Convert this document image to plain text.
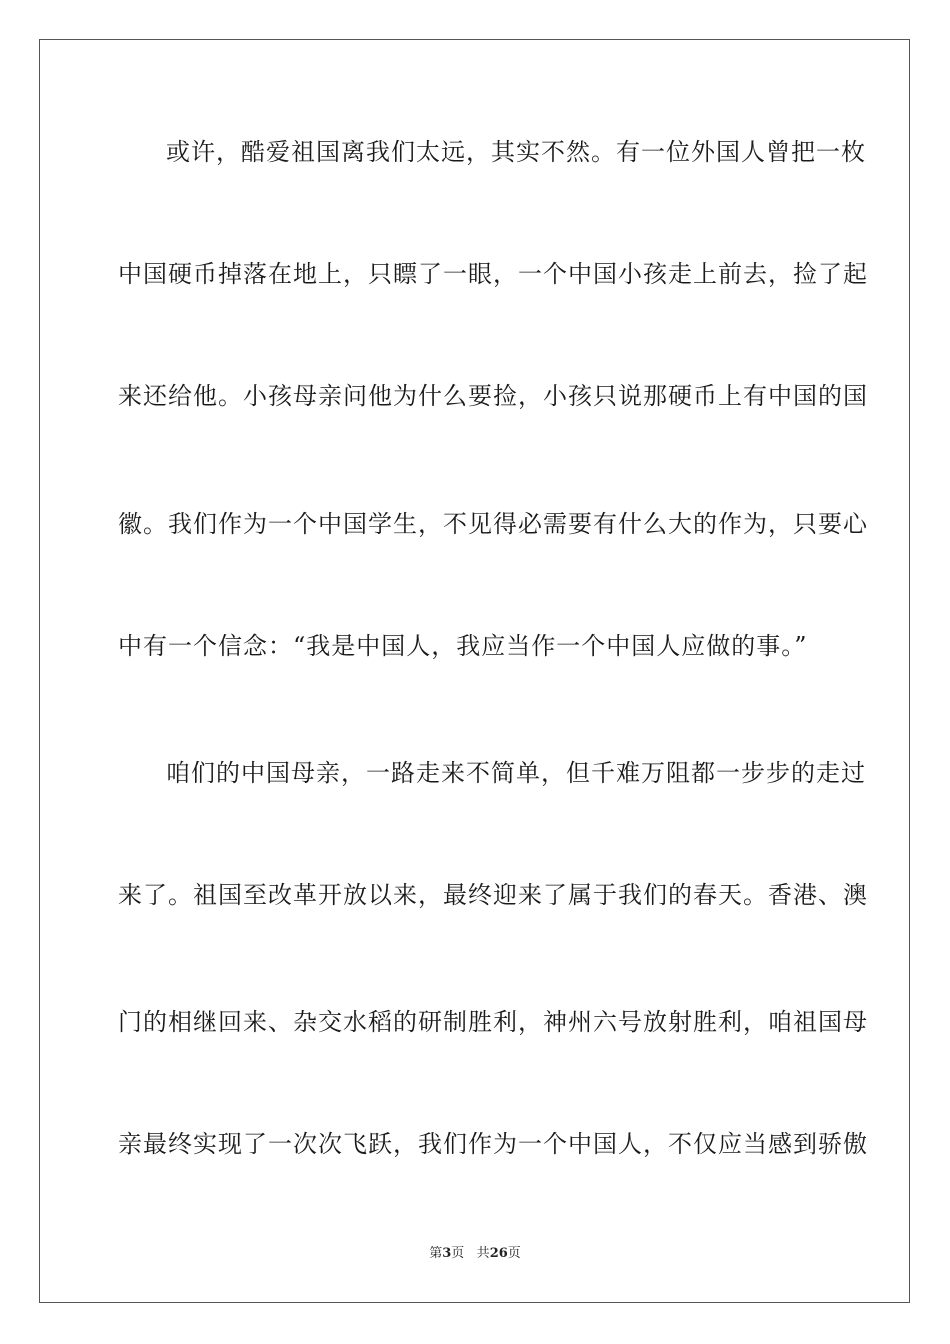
或许，酷爱祖国离我们太远，其实不然。有一位外国人曾把一枚
中国硬币掉落在地上，只瞟了一眼，一个中国小孩走上前去，捡了起
来还给他。小孩母亲问他为什么要捡，小孩只说那硬币上有中国的国
徽。我们作为一个中国学生，不见得必需要有什么大的作为，只要心
中有一个信念：“我是中国人，我应当作一个中国人应做的事。”
咱们的中国母亲，一路走来不简单，但千难万阻都一步步的走过
来了。祖国至改革开放以来，最终迎来了属于我们的春天。香港、澳
门的相继回来、杂交水稻的研制胜利，神州六号放射胜利，咱祖国母
亲最终实现了一次次飞跃，我们作为一个中国人，不仅应当感到骄傲
第3页 共26页
